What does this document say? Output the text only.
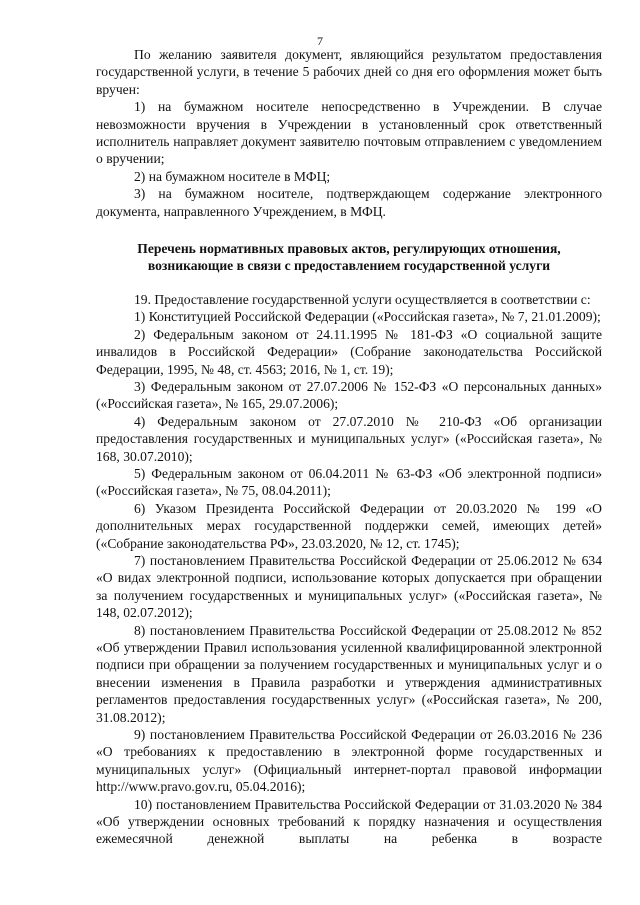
7

По желанию заявителя документ, являющийся результатом предоставления государственной услуги, в течение 5 рабочих дней со дня его оформления может быть вручен:

1) на бумажном носителе непосредственно в Учреждении. В случае невозможности вручения в Учреждении в установленный срок ответственный исполнитель направляет документ заявителю почтовым отправлением с уведомлением о вручении;

2) на бумажном носителе в МФЦ;

3) на бумажном носителе, подтверждающем содержание электронного документа, направленного Учреждением, в МФЦ.

Перечень нормативных правовых актов, регулирующих отношения, возникающие в связи с предоставлением государственной услуги

19. Предоставление государственной услуги осуществляется в соответствии с:

1) Конституцией Российской Федерации («Российская газета», № 7, 21.01.2009);

2) Федеральным законом от 24.11.1995 № 181-ФЗ «О социальной защите инвалидов в Российской Федерации» (Собрание законодательства Российской Федерации, 1995, № 48, ст. 4563; 2016, № 1, ст. 19);

3) Федеральным законом от 27.07.2006 № 152-ФЗ «О персональных данных» («Российская газета», № 165, 29.07.2006);

4) Федеральным законом от 27.07.2010 № 210-ФЗ «Об организации предоставления государственных и муниципальных услуг» («Российская газета», № 168, 30.07.2010);

5) Федеральным законом от 06.04.2011 № 63-ФЗ «Об электронной подписи» («Российская газета», № 75, 08.04.2011);

6) Указом Президента Российской Федерации от 20.03.2020 № 199 «О дополнительных мерах государственной поддержки семей, имеющих детей» («Собрание законодательства РФ», 23.03.2020, № 12, ст. 1745);

7) постановлением Правительства Российской Федерации от 25.06.2012 № 634 «О видах электронной подписи, использование которых допускается при обращении за получением государственных и муниципальных услуг» («Российская газета», № 148, 02.07.2012);

8) постановлением Правительства Российской Федерации от 25.08.2012 № 852 «Об утверждении Правил использования усиленной квалифицированной электронной подписи при обращении за получением государственных и муниципальных услуг и о внесении изменения в Правила разработки и утверждения административных регламентов предоставления государственных услуг» («Российская газета», № 200, 31.08.2012);

9) постановлением Правительства Российской Федерации от 26.03.2016 № 236 «О требованиях к предоставлению в электронной форме государственных и муниципальных услуг» (Официальный интернет-портал правовой информации http://www.pravo.gov.ru, 05.04.2016);

10) постановлением Правительства Российской Федерации от 31.03.2020 № 384 «Об утверждении основных требований к порядку назначения и осуществления ежемесячной денежной выплаты на ребенка в возрасте
